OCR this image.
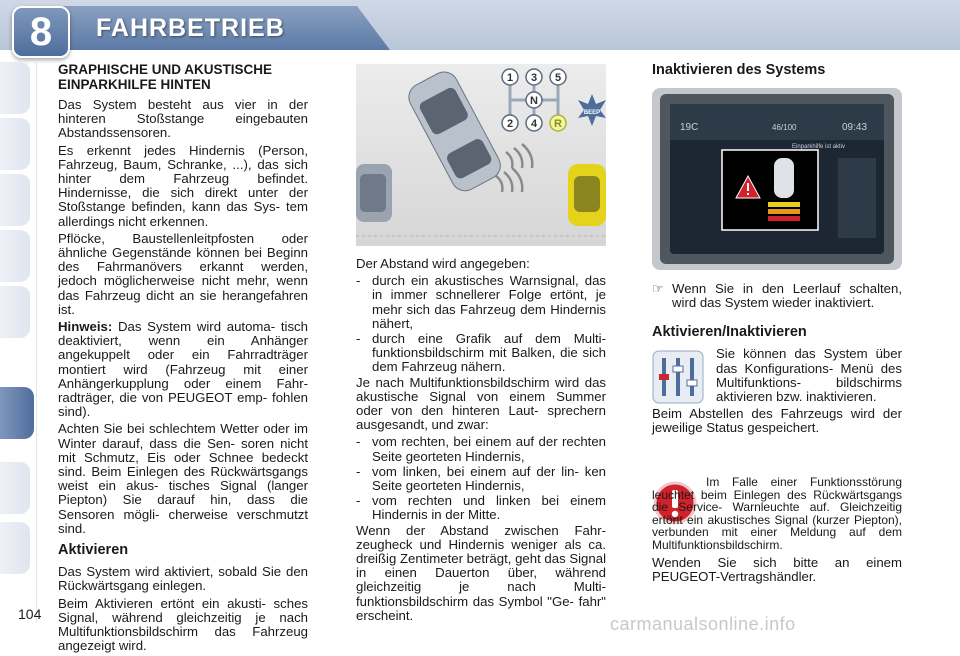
8	FAHRBETRIEB
GRAPHISCHE UND AKUSTISCHE EINPARKHILFE HINTEN
Das System besteht aus vier in der hinteren Stoßstange eingebauten Abstandssensoren.
Es erkennt jedes Hindernis (Person, Fahrzeug, Baum, Schranke, ...), das sich hinter dem Fahrzeug befindet. Hindernisse, die sich direkt unter der Stoßstange befinden, kann das Sys- tem allerdings nicht erkennen.
Pflöcke, Baustellenleitpfosten oder ähnliche Gegenstände können bei Beginn des Fahrmanövers erkannt werden, jedoch möglicherweise nicht mehr, wenn das Fahrzeug dicht an sie herangefahren ist.
Hinweis: Das System wird automa- tisch deaktiviert, wenn ein Anhänger angekuppelt oder ein Fahrradträger montiert wird (Fahrzeug mit einer Anhängerkupplung oder einem Fahr- radträger, die von PEUGEOT emp- fohlen sind).
Achten Sie bei schlechtem Wetter oder im Winter darauf, dass die Sen- soren nicht mit Schmutz, Eis oder Schnee bedeckt sind. Beim Einlegen des Rückwärtsgangs weist ein akus- tisches Signal (langer Piepton) Sie darauf hin, dass die Sensoren mögli- cherweise verschmutzt sind.
Aktivieren
Das System wird aktiviert, sobald Sie den Rückwärtsgang einlegen.
Beim Aktivieren ertönt ein akusti- sches Signal, während gleichzeitig je nach Multifunktionsbildschirm das Fahrzeug angezeigt wird.
1 3 5
N
2 4 R
BEEP
Der Abstand wird angegeben:
- durch ein akustisches Warnsignal, das in immer schnellerer Folge ertönt, je mehr sich das Fahrzeug dem Hindernis nähert,
- durch eine Grafik auf dem Multi- funktionsbildschirm mit Balken, die sich dem Fahrzeug nähern.
Je nach Multifunktionsbildschirm wird das akustische Signal von einem Summer oder von den hinteren Laut- sprechern ausgesandt, und zwar:
- vom rechten, bei einem auf der rechten Seite georteten Hindernis,
- vom linken, bei einem auf der lin- ken Seite georteten Hindernis,
- vom rechten und linken bei einem Hindernis in der Mitte.
Wenn der Abstand zwischen Fahr- zeugheck und Hindernis weniger als ca. dreißig Zentimeter beträgt, geht das Signal in einen Dauerton über, während gleichzeitig je nach Multi- funktionsbildschirm das Symbol "Ge- fahr" erscheint.
Inaktivieren des Systems
19C	46/100	09:43
Einparkhilfe ist aktiv
☞ Wenn Sie in den Leerlauf schalten, wird das System wieder inaktiviert.
Aktivieren/Inaktivieren
Sie können das System über das Konfigurations- Menü des Multifunktions- bildschirms aktivieren bzw. inaktivieren.
Beim Abstellen des Fahrzeugs wird der jeweilige Status gespeichert.
Im Falle einer Funktionsstörung leuchtet beim Einlegen des Rückwärtsgangs die Service- Warnleuchte auf. Gleichzeitig ertönt ein akustisches Signal (kurzer Piepton), verbunden mit einer Meldung auf dem Multifunktionsbildschirm.
Wenden Sie sich bitte an einem PEUGEOT-Vertragshändler.
104	carmanualsonline.info
